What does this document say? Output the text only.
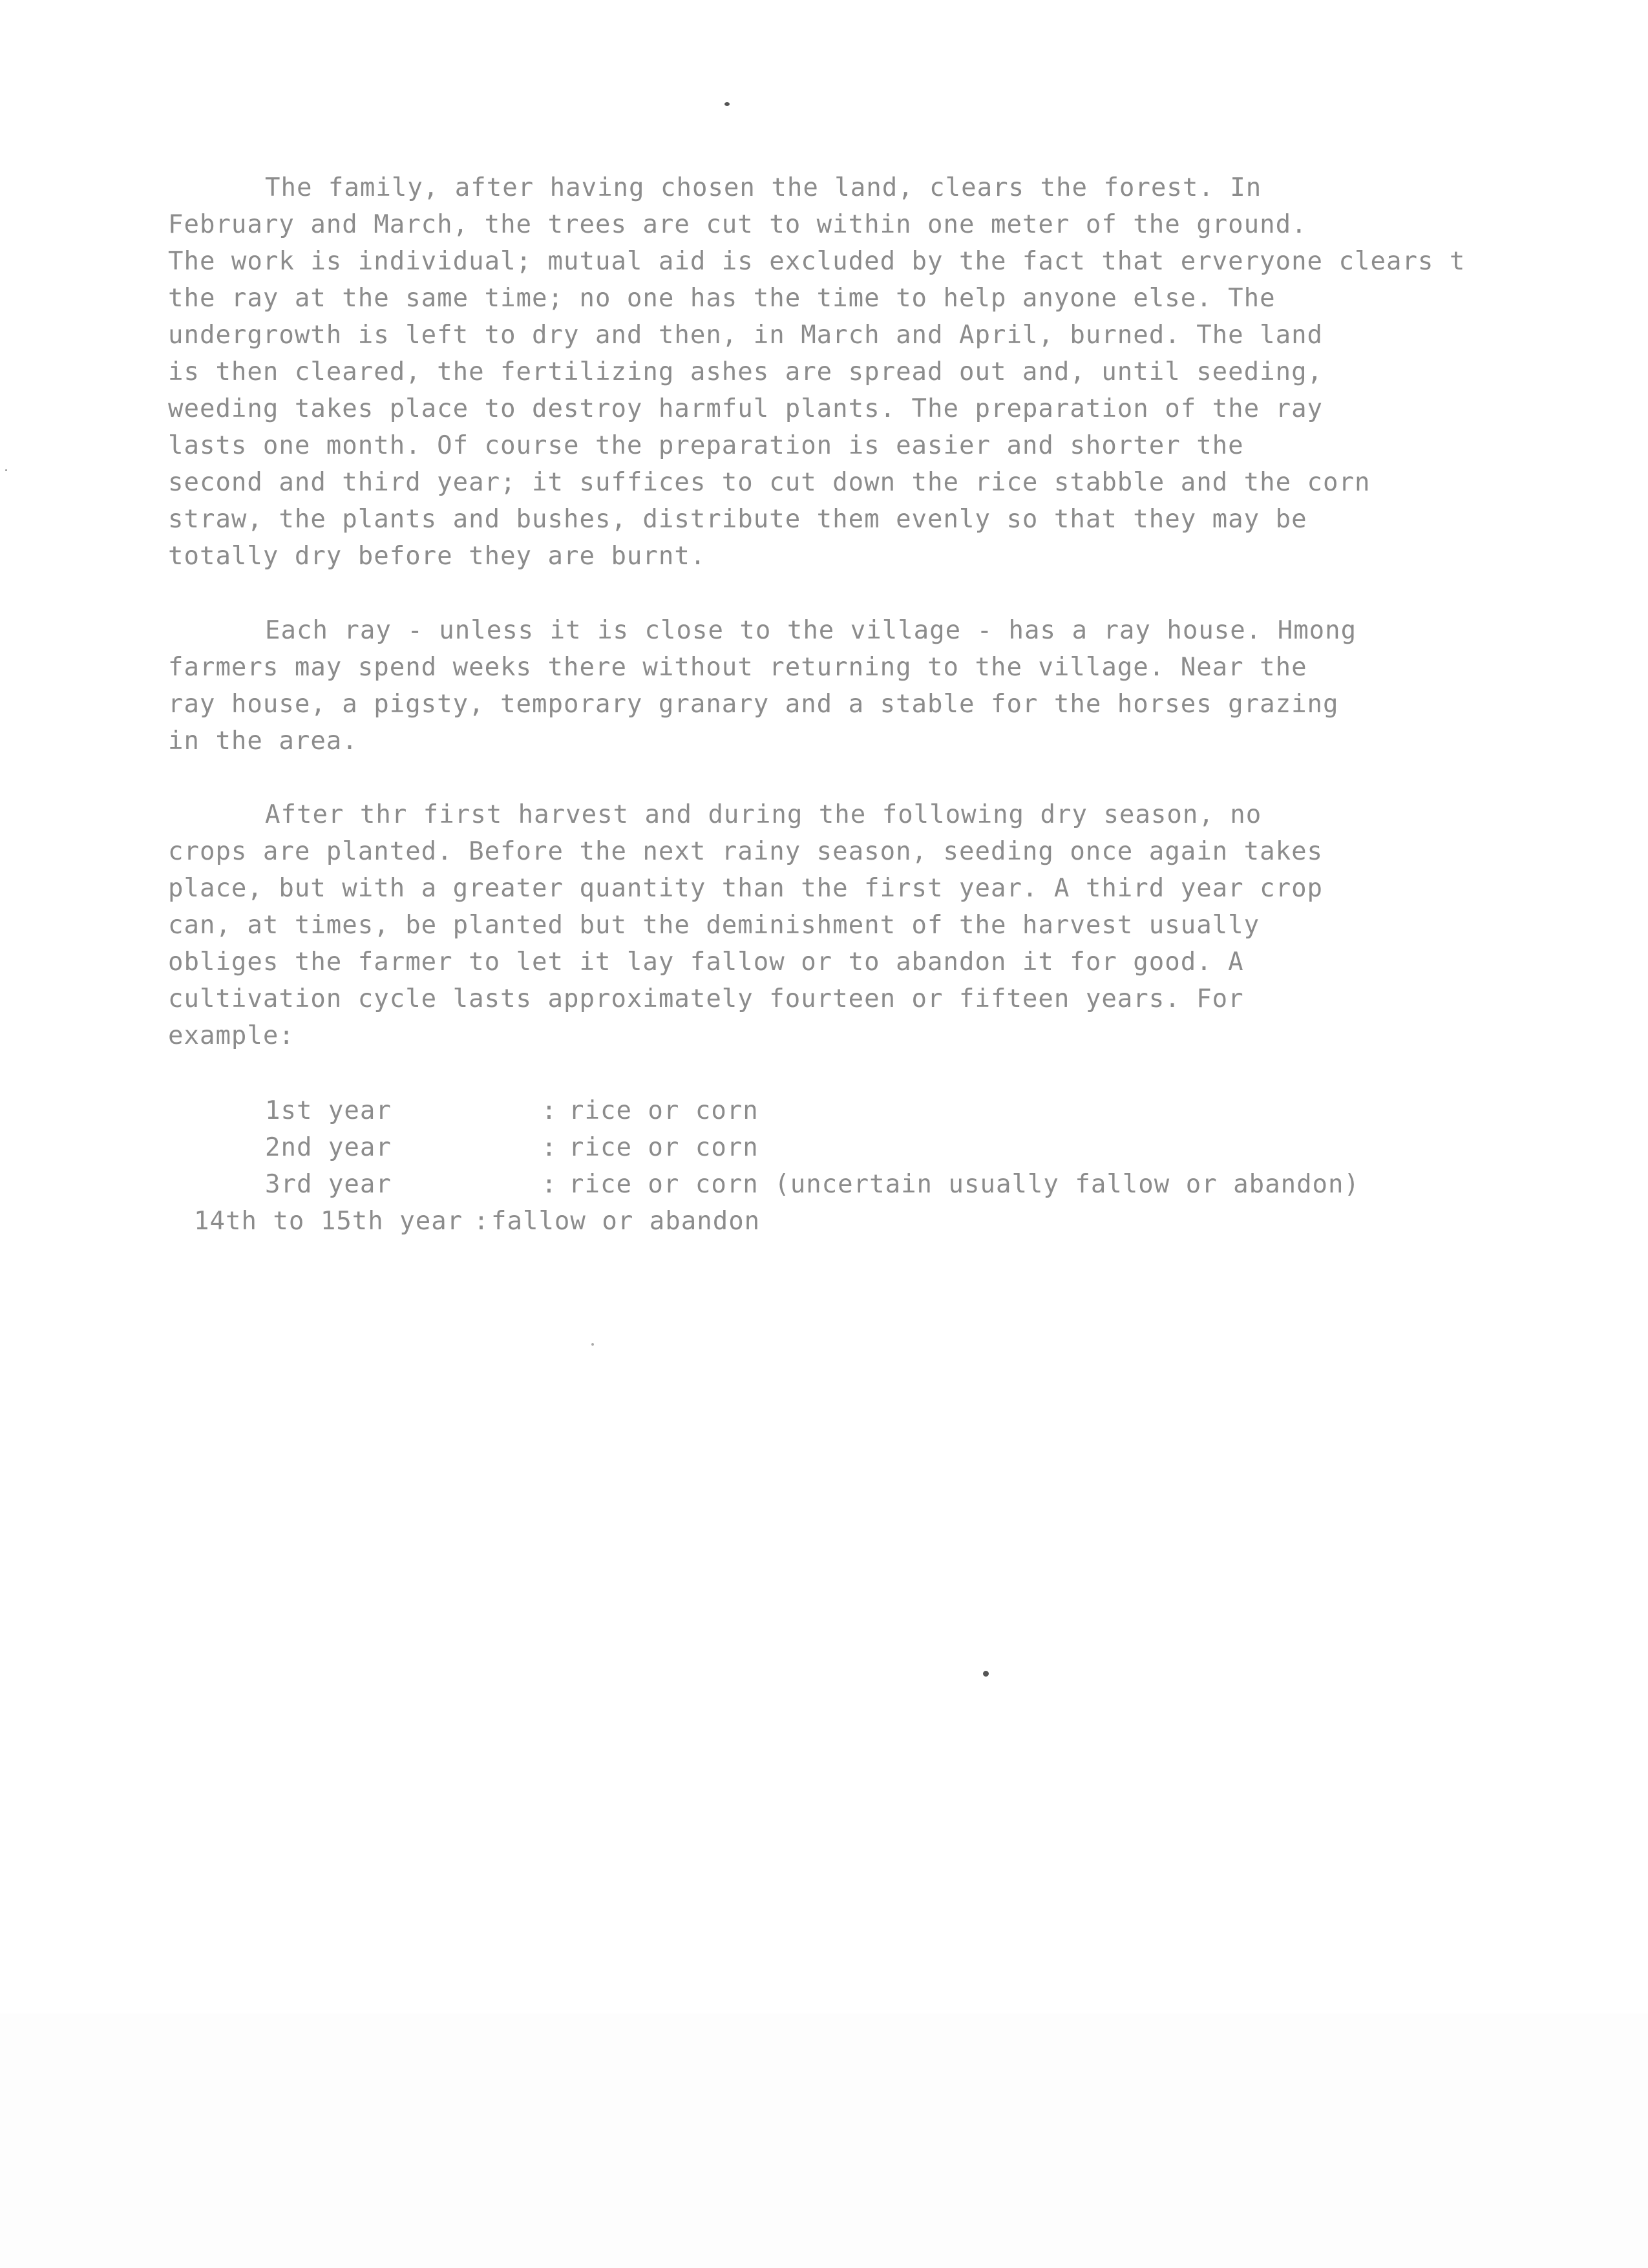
The family, after having chosen the land, clears the forest. In
February and March, the trees are cut to within one meter of the ground.
The work is individual; mutual aid is excluded by the fact that erveryone clears t
the ray at the same time; no one has the time to help anyone else. The
undergrowth is left to dry and then, in March and April, burned. The land
is then cleared, the fertilizing ashes are spread out and, until seeding,
weeding takes place to destroy harmful plants. The preparation of the ray
lasts one month. Of course the preparation is easier and shorter the
second and third year; it suffices to cut down the rice stabble and the corn
straw, the plants and bushes, distribute them evenly so that they may be
totally dry before they are burnt.
Each ray - unless it is close to the village - has a ray house. Hmong
farmers may spend weeks there without returning to the village. Near the
ray house, a pigsty, temporary granary and a stable for the horses grazing
in the area.
After thr first harvest and during the following dry season, no
crops are planted. Before the next rainy season, seeding once again takes
place, but with a greater quantity than the first year. A third year crop
can, at times, be planted but the deminishment of the harvest usually
obliges the farmer to let it lay fallow or to abandon it for good. A
cultivation cycle lasts approximately fourteen or fifteen years. For
example:
1st year	: rice or corn
2nd year	: rice or corn
3rd year	: rice or corn (uncertain usually fallow or abandon)
14th to 15th year : fallow or abandon
